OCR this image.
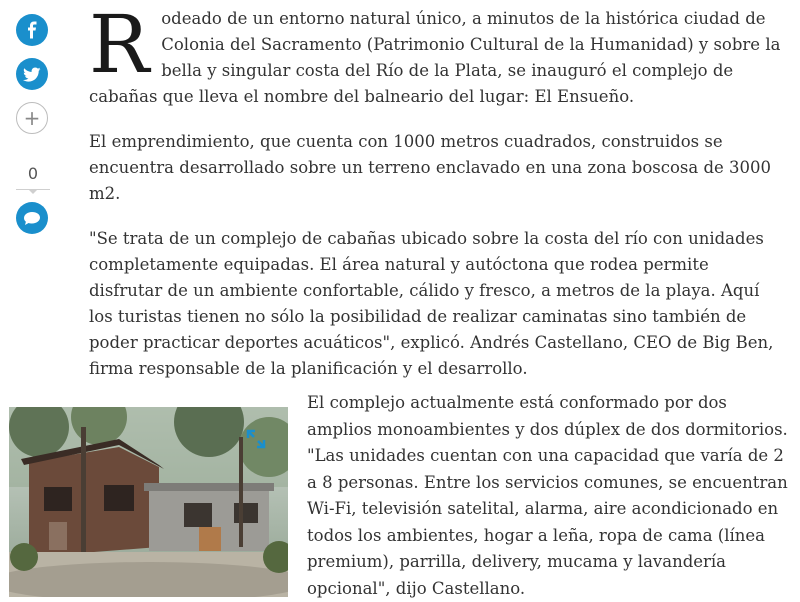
+
0

R odeado de un entorno natural único, a minutos de la histórica ciudad de Colonia del Sacramento (Patrimonio Cultural de la Humanidad) y sobre la bella y singular costa del Río de la Plata, se inauguró el complejo de cabañas que lleva el nombre del balneario del lugar: El Ensueño.

El emprendimiento, que cuenta con 1000 metros cuadrados, construidos se encuentra desarrollado sobre un terreno enclavado en una zona boscosa de 3000 m2.

"Se trata de un complejo de cabañas ubicado sobre la costa del río con unidades completamente equipadas. El área natural y autóctona que rodea permite disfrutar de un ambiente confortable, cálido y fresco, a metros de la playa. Aquí los turistas tienen no sólo la posibilidad de realizar caminatas sino también de poder practicar deportes acuáticos", explicó. Andrés Castellano, CEO de Big Ben, firma responsable de la planificación y el desarrollo.

El complejo actualmente está conformado por dos amplios monoambientes y dos dúplex de dos dormitorios. "Las unidades cuentan con una capacidad que varía de 2 a 8 personas. Entre los servicios comunes, se encuentran Wi-Fi, televisión satelital, alarma, aire acondicionado en todos los ambientes, hogar a leña, ropa de cama (línea premium), parrilla, delivery, mucama y lavandería opcional", dijo Castellano.
